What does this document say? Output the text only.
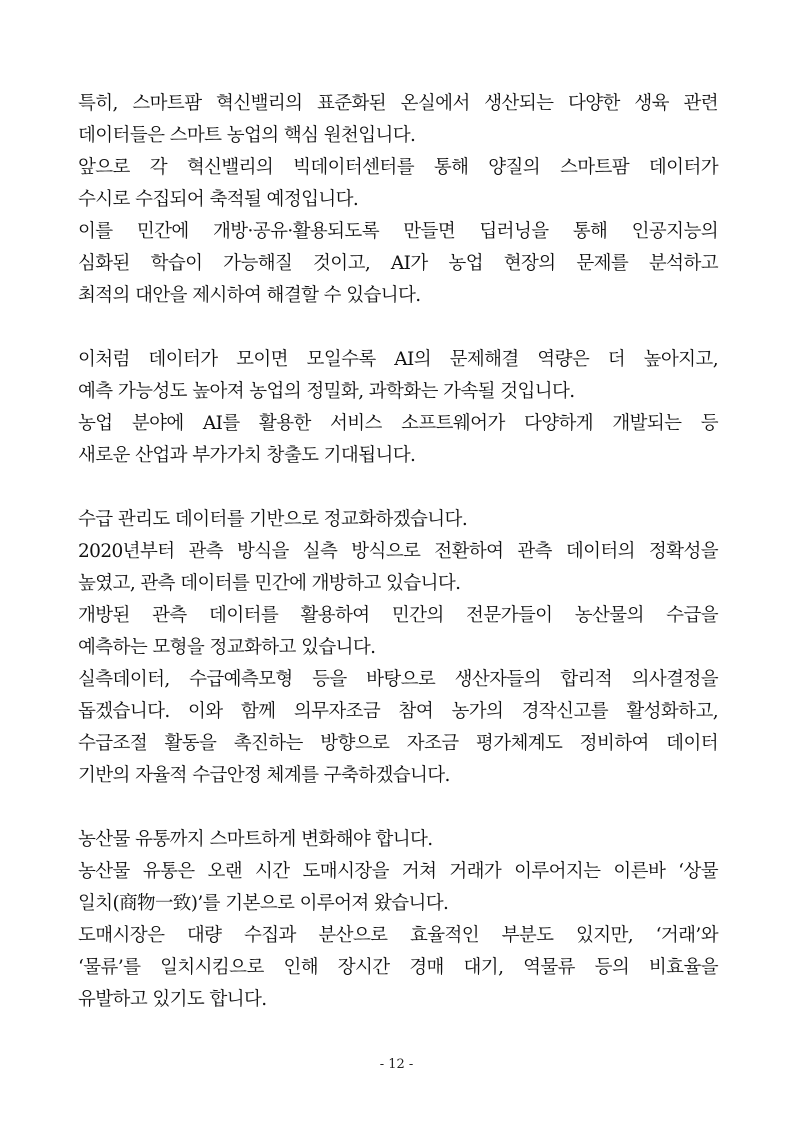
특히, 스마트팜 혁신밸리의 표준화된 온실에서 생산되는 다양한 생육 관련
데이터들은 스마트 농업의 핵심 원천입니다.
앞으로 각 혁신밸리의 빅데이터센터를 통해 양질의 스마트팜 데이터가
수시로 수집되어 축적될 예정입니다.
이를 민간에 개방·공유·활용되도록 만들면 딥러닝을 통해 인공지능의
심화된 학습이 가능해질 것이고, AI가 농업 현장의 문제를 분석하고
최적의 대안을 제시하여 해결할 수 있습니다.
이처럼 데이터가 모이면 모일수록 AI의 문제해결 역량은 더 높아지고,
예측 가능성도 높아져 농업의 정밀화, 과학화는 가속될 것입니다.
농업 분야에 AI를 활용한 서비스 소프트웨어가 다양하게 개발되는 등
새로운 산업과 부가가치 창출도 기대됩니다.
수급 관리도 데이터를 기반으로 정교화하겠습니다.
2020년부터 관측 방식을 실측 방식으로 전환하여 관측 데이터의 정확성을
높였고, 관측 데이터를 민간에 개방하고 있습니다.
개방된 관측 데이터를 활용하여 민간의 전문가들이 농산물의 수급을
예측하는 모형을 정교화하고 있습니다.
실측데이터, 수급예측모형 등을 바탕으로 생산자들의 합리적 의사결정을
돕겠습니다. 이와 함께 의무자조금 참여 농가의 경작신고를 활성화하고,
수급조절 활동을 촉진하는 방향으로 자조금 평가체계도 정비하여 데이터
기반의 자율적 수급안정 체계를 구축하겠습니다.
농산물 유통까지 스마트하게 변화해야 합니다.
농산물 유통은 오랜 시간 도매시장을 거쳐 거래가 이루어지는 이른바 ‘상물
일치(商物一致)’를 기본으로 이루어져 왔습니다.
도매시장은 대량 수집과 분산으로 효율적인 부분도 있지만, ‘거래’와
‘물류’를 일치시킴으로 인해 장시간 경매 대기, 역물류 등의 비효율을
유발하고 있기도 합니다.
- 12 -
